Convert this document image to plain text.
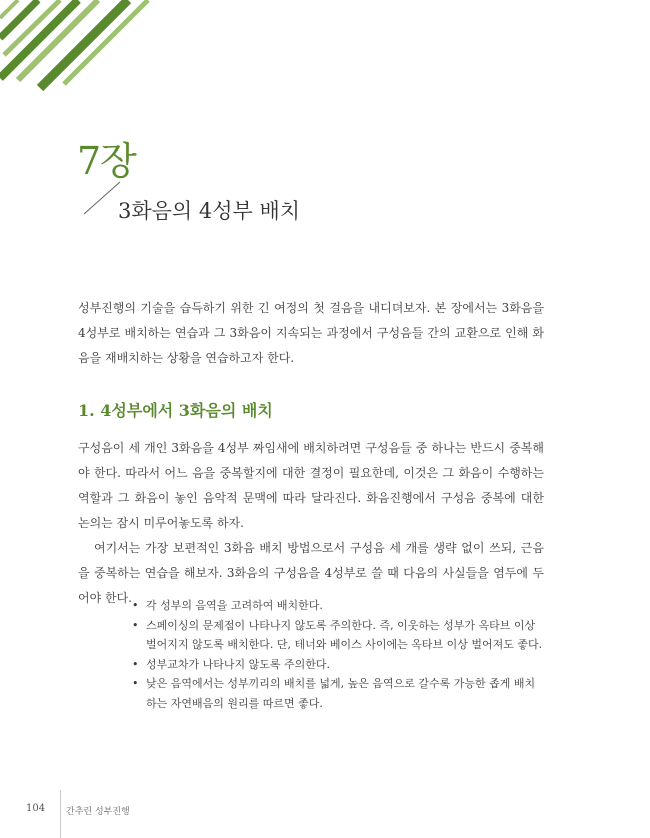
7장
3화음의 4성부 배치

성부진행의 기술을 습득하기 위한 긴 여정의 첫 걸음을 내디뎌보자. 본 장에서는 3화음을 4성부로 배치하는 연습과 그 3화음이 지속되는 과정에서 구성음들 간의 교환으로 인해 화음을 재배치하는 상황을 연습하고자 한다.

1. 4성부에서 3화음의 배치

구성음이 세 개인 3화음을 4성부 짜임새에 배치하려면 구성음들 중 하나는 반드시 중복해야 한다. 따라서 어느 음을 중복할지에 대한 결정이 필요한데, 이것은 그 화음이 수행하는 역할과 그 화음이 놓인 음악적 문맥에 따라 달라진다. 화음진행에서 구성음 중복에 대한 논의는 잠시 미루어놓도록 하자.

여기서는 가장 보편적인 3화음 배치 방법으로서 구성음 세 개를 생략 없이 쓰되, 근음을 중복하는 연습을 해보자. 3화음의 구성음을 4성부로 쓸 때 다음의 사실들을 염두에 두어야 한다.

• 각 성부의 음역을 고려하여 배치한다.
• 스페이싱의 문제점이 나타나지 않도록 주의한다. 즉, 이웃하는 성부가 옥타브 이상 벌어지지 않도록 배치한다. 단, 테너와 베이스 사이에는 옥타브 이상 벌어져도 좋다.
• 성부교차가 나타나지 않도록 주의한다.
• 낮은 음역에서는 성부끼리의 배치를 넓게, 높은 음역으로 갈수록 가능한 좁게 배치하는 자연배음의 원리를 따르면 좋다.
104 간추린 성부진행
